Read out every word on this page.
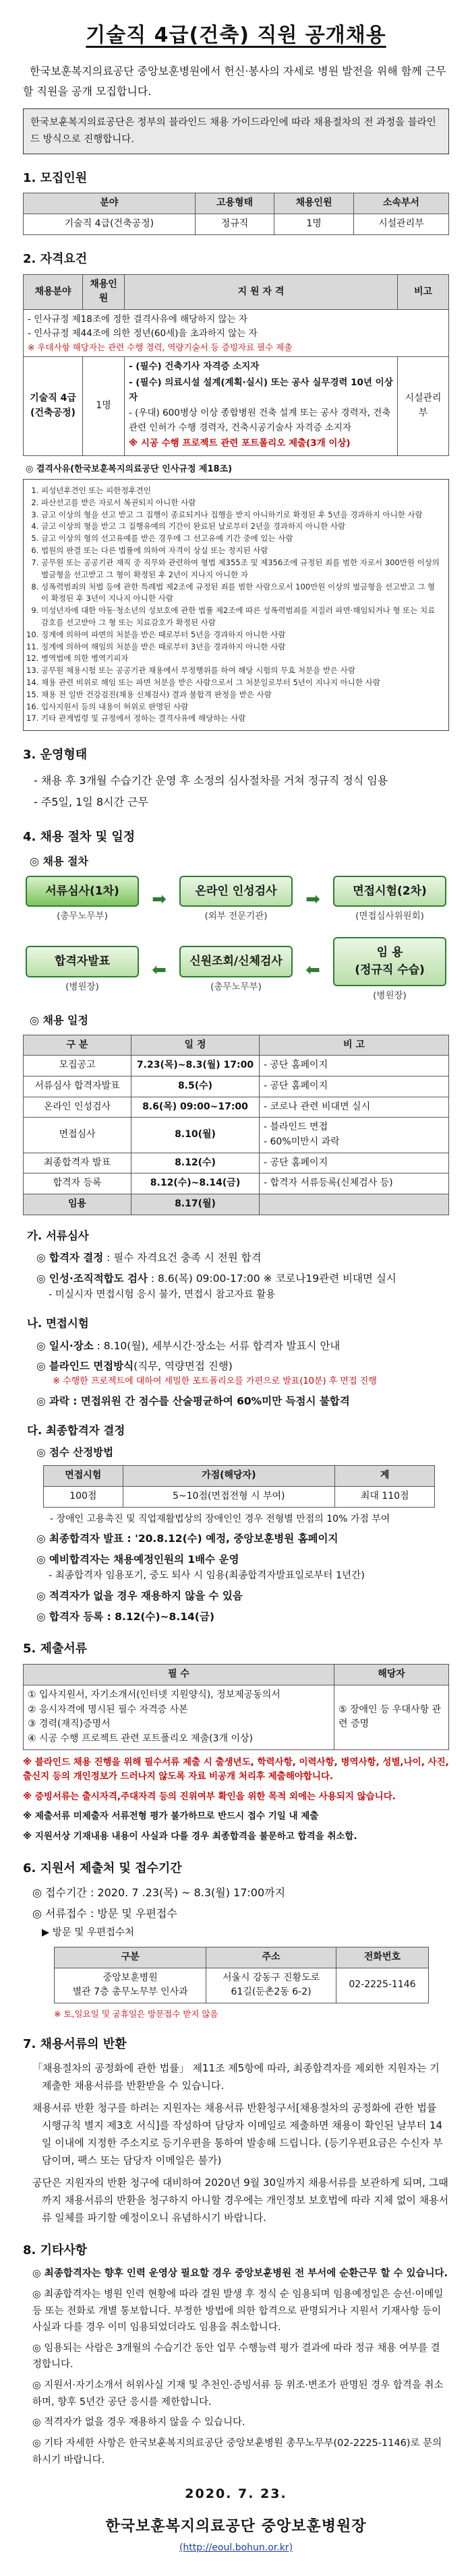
기술직 4급(건축) 직원 공개채용

한국보훈복지의료공단 중앙보훈병원에서 헌신·봉사의 자세로 병원 발전을 위해 함께 근무할 직원을 공개 모집합니다.

한국보훈복지의료공단은 정부의 블라인드 채용 가이드라인에 따라 채용절차의 전 과정을 블라인드 방식으로 진행합니다.
1. 모집인원
분야	고용형태	채용인원	소속부서
기술직 4급(건축공정)	정규직	1명	시설관리부
2. 자격요건
채용분야	채용인원	지 원 자 격	비고

- 인사규정 제18조에 정한 결격사유에 해당하지 않는 자
- 인사규정 제44조에 의한 정년(60세)을 초과하지 않는 자
※ 우대사항 해당자는 관련 수행 경력, 역량기술서 등 증빙자료 필수 제출			

기술직 4급
(건축공정)	1명	- (필수) 건축기사 자격증 소지자
- (필수) 의료시설 설계(계획·실시) 또는 공사 실무경력 10년 이상자
- (우대) 600병상 이상 종합병원 건축 설계 또는 공사 경력자, 건축 관련 인허가 수행 경력자, 건축시공기술사 자격증 소지자
※ 시공 수행 프로젝트 관련 포트폴리오 제출(3개 이상)	시설관리부
◎ 결격사유(한국보훈복지의료공단 인사규정 제18조)
1. 피성년후견인 또는 피한정후견인
2. 파산선고를 받은 자로서 복권되지 아니한 사람
3. 금고 이상의 형을 선고 받고 그 집행이 종료되거나 집행을 받지 아니하기로 확정된 후 5년을 경과하지 아니한 사람
4. 금고 이상의 형을 받고 그 집행유예의 기간이 완료된 날로부터 2년을 경과하지 아니한 사람
5. 금고 이상의 형의 선고유예를 받은 경우에 그 선고유예 기간 중에 있는 사람
6. 법원의 판결 또는 다른 법률에 의하여 자격이 상실 또는 정지된 사람
7. 공무원 또는 공공기관 재직 중 직무와 관련하여 형법 제355조 및 제356조에 규정된 죄를 범한 자로서 300만원 이상의 벌금형을 선고받고 그 형이 확정된 후 2년이 지나지 아니한 자
8. 성폭력범죄의 처벌 등에 관한 특례법 제2조에 규정된 죄를 범한 사람으로서 100만원 이상의 벌금형을 선고받고 그 형이 확정된 후 3년이 지나지 아니한 사람
9. 미성년자에 대한 아동·청소년의 성보호에 관한 법률 제2조에 따른 성폭력범죄를 저질러 파면·해임되거나 형 또는 치료감호를 선고받아 그 형 또는 치료감호가 확정된 사람
10. 징계에 의하여 파면의 처분을 받은 때로부터 5년을 경과하지 아니한 사람
11. 징계에 의하여 해임의 처분을 받은 때로부터 3년을 경과하지 아니한 사람
12. 병역법에 의한 병역기피자
13. 공무원 채용시험 또는 공공기관 채용에서 부정행위를 하여 해당 시험의 무효 처분을 받은 사람
14. 채용 관련 비위로 해임 또는 파면 처분을 받은 사람으로서 그 처분일로부터 5년이 지나지 아니한 사람
15. 채용 전 일반 건강검진(채용 신체검사) 결과 불합격 판정을 받은 사람
16. 입사지원서 등의 내용이 허위로 판명된 사람
17. 기타 관계법령 및 규정에서 정하는 결격사유에 해당하는 사람
3. 운영형태
- 채용 후 3개월 수습기간 운영 후 소정의 심사절차를 거쳐 정규직 정식 임용
- 주5일, 1일 8시간 근무
4. 채용 절차 및 일정
◎ 채용 절차
서류심사(1차)
(총무노무부)
➡	온라인 인성검사
(외부 전문기관)
➡	면접시험(2차)
(면접심사위원회)
합격자발표
(병원장)
⬅	신원조회/신체검사
(총무노무부)
⬅
임 용
(정규직 수습)
(병원장)
◎ 채용 일정
구 분	일 정	비 고
모집공고	7.23(목)~8.3(월) 17:00	- 공단 홈페이지
서류심사 합격자발표	8.5(수)	- 공단 홈페이지
온라인 인성검사	8.6(목) 09:00~17:00	- 코로나 관련 비대면 실시
면접심사	8.10(월)	- 블라인드 면접
- 60%미만시 과락
최종합격자 발표	8.12(수)	- 공단 홈페이지
합격자 등록	8.12(수)~8.14(금)	- 합격자 서류등록(신체검사 등)
임용	8.17(월)	
가. 서류심사
◎ 합격자 결정 : 필수 자격요건 충족 시 전원 합격
◎ 인성·조직적합도 검사 : 8.6(목) 09:00-17:00 ※ 코로나19관련 비대면 실시
- 미실시자 면접시험 응시 불가, 면접시 참고자료 활용
나. 면접시험
◎ 일시·장소 : 8.10(월), 세부시간·장소는 서류 합격자 발표시 안내
◎ 블라인드 면접방식(직무, 역량면접 진행)
※ 수행한 프로젝트에 대하여 세밀한 포트폴리오를 가편으로 발표(10분) 후 면접 진행
◎ 과락 : 면접위원 간 점수를 산술평균하여 60%미만 득점시 불합격
다. 최종합격자 결정
◎ 점수 산정방법
면접시험	가점(해당자)	계
100점	5~10점(면접전형 시 부여)	최대 110점
- 장애인 고용촉진 및 직업재활법상의 장애인인 경우 전형별 만점의 10% 가점 부여
◎ 최종합격자 발표 : '20.8.12(수) 예정, 중앙보훈병원 홈페이지
◎ 예비합격자는 채용예정인원의 1배수 운영
- 최종합격자 임용포기, 중도 퇴사 시 임용(최종합격자발표일로부터 1년간)
◎ 적격자가 없을 경우 재용하지 않을 수 있음
◎ 합격자 등록 : 8.12(수)~8.14(금)
5. 제출서류
필 수	해당자

① 입사지원서, 자기소개서(인터넷 지원양식), 정보제공동의서
② 응시자격에 명시된 필수 자격증 사본
③ 경력(재직)증명서
④ 시공 수행 프로젝트 관련 포트폴리오 제출(3개 이상)	⑤ 장애인 등 우대사항 관련 증명
※ 블라인드 채용 진행을 위해 필수서류 제출 시 출생년도, 학력사항, 이력사항, 병역사항, 성별,나이, 사진, 출신지 등의 개인정보가 드러나지 않도록 자료 비공개 처리후 제출해야합니다.
※ 증빙서류는 출시자격,주대자격 등의 진위여부 확인을 위한 목적 외에는 사용되지 않습니다.
※ 제출서류 미제출자 서류전형 평가 불가하므로 반드시 접수 기일 내 제출
※ 지원서상 기재내용 내용이 사실과 다를 경우 최종합격을 불문하고 합격을 취소합.
6. 지원서 제출처 및 접수기간
◎ 접수기간 : 2020. 7 .23(목) ~ 8.3(월) 17:00까지
◎ 서류접수 : 방문 및 우편접수
▶ 방문 및 우편접수처
구분	주소	전화번호
중앙보훈병원
별관 7층 총무노무부 인사과	서울시 강동구 진황도로
61길(둔촌2동 6-2)	02-2225-1146
※ 토,일요일 및 공휴일은 방문접수 받지 않음
7. 채용서류의 반환

「채용절차의 공정화에 관한 법률」 제11조 제5항에 따라, 최종합격자를 제외한 지원자는 기 제출한 채용서류를 반환받을 수 있습니다.

채용서류 반환 청구를 하려는 지원자는 채용서류 반환청구서[채용절차의 공정화에 관한 법률 시행규칙 별지 제3호 서식]를 작성하여 담당자 이메일로 제출하면 채용이 확인된 날부터 14일 이내에 지정한 주소지로 등기우편을 통하여 발송해 드립니다. (등기우편요금은 수신자 부담이며, 팩스 또는 담당자 이메일은 불가)

공단은 지원자의 반환 청구에 대비하여 2020년 9월 30일까지 채용서류를 보관하게 되며, 그때까지 채용서류의 반환을 청구하지 아니할 경우에는 개인정보 보호법에 따라 지체 없이 채용서류 일체를 파기할 예정이오니 유념하시기 바랍니다.

8. 기타사항
◎ 최종합격자는 향후 인력 운영상 필요할 경우 중앙보훈병원 전 부서에 순환근무 할 수 있습니다.
◎ 최종합격자는 병원 인력 현황에 따라 결원 발생 후 정식 순 임용되며 임용예정일은 승선·이메일 등 또는 전화로 개별 통보합니다. 부정한 방법에 의한 합격으로 판명되거나 지원서 기재사항 등이 사실과 다를 경우 이미 임용되었더라도 임용을 취소합니다.
◎ 임용되는 사람은 3개월의 수습기간 동안 업무 수행능력 평가 결과에 따라 정규 채용 여부를 결정합니다.
◎ 지원서·자기소개서 허위사실 기재 및 추천인·증빙서류 등 위조·변조가 판명된 경우 합격을 취소하며, 향후 5년간 공단 응시를 제한합니다.
◎ 적격자가 없을 경우 재용하지 않을 수 있습니다.
◎ 기타 자세한 사항은 한국보훈복지의료공단 중앙보훈병원 총무노무부(02-2225-1146)로 문의하시기 바랍니다.
2020. 7. 23.
한국보훈복지의료공단 중앙보훈병원장
(http://eoul.bohun.or.kr)
